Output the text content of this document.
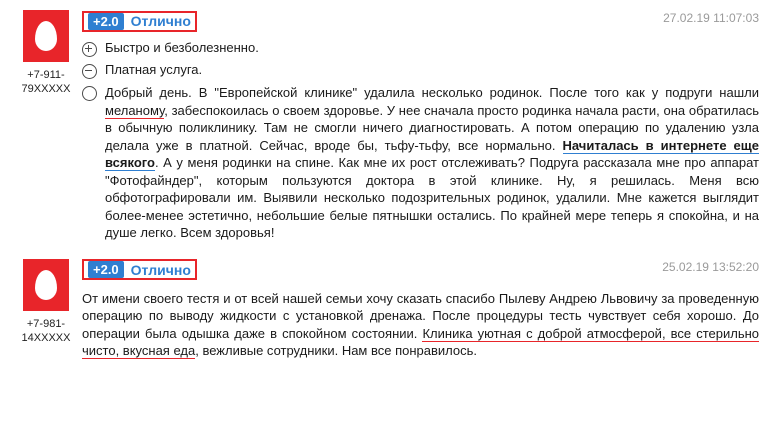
+7-911-
79XXXXX
+2.0 Отлично	27.02.19 11:07:03
Быстро и безболезненно.
Платная услуга.
Добрый день. В "Европейской клинике" удалила несколько родинок. После того как у подруги нашли меланому, забеспокоилась о своем здоровье. У нее сначала просто родинка начала расти, она обратилась в обычную поликлинику. Там не смогли ничего диагностировать. А потом операцию по удалению узла делала уже в платной. Сейчас, вроде бы, тьфу-тьфу, все нормально. Начиталась в интернете еще всякого. А у меня родинки на спине. Как мне их рост отслеживать? Подруга рассказала мне про аппарат "Фотофайндер", которым пользуются доктора в этой клинике. Ну, я решилась. Меня всю обфотографировали им. Выявили несколько подозрительных родинок, удалили. Мне кажется выглядит более-менее эстетично, небольшие белые пятнышки остались. По крайней мере теперь я спокойна, и на душе легко. Всем здоровья!
+7-981-
14XXXXX
+2.0 Отлично	25.02.19 13:52:20
От имени своего тестя и от всей нашей семьи хочу сказать спасибо Пылеву Андрею Львовичу за проведенную операцию по выводу жидкости с установкой дренажа. После процедуры тесть чувствует себя хорошо. До операции была одышка даже в спокойном состоянии. Клиника уютная с доброй атмосферой, все стерильно чисто, вкусная еда, вежливые сотрудники. Нам все понравилось.
